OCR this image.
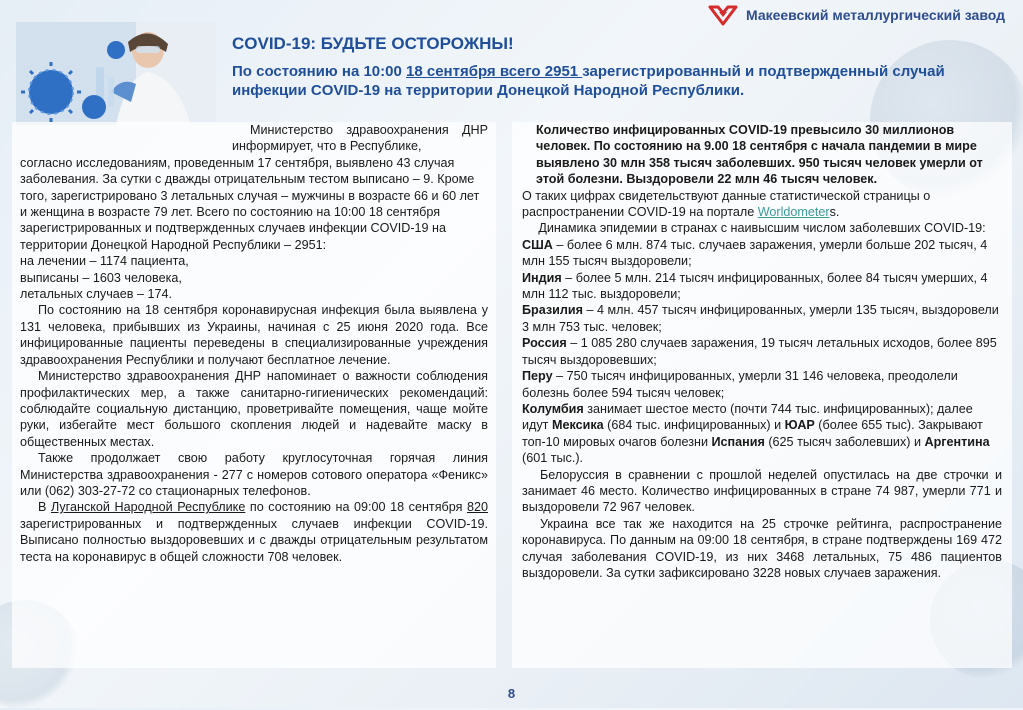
Макеевский металлургический завод
COVID-19: БУДЬТЕ ОСТОРОЖНЫ!
По состоянию на 10:00 18 сентября всего 2951 зарегистрированный и подтвержденный случай инфекции COVID-19 на территории Донецкой Народной Республики.

Министерство здравоохранения ДНР информирует, что в Республике,

согласно исследованиям, проведенным 17 сентября, выявлено 43 случая заболевания. За сутки с дважды отрицательным тестом выписано – 9. Кроме того, зарегистрировано 3 летальных случая – мужчины в возрасте 66 и 60 лет и женщина в возрасте 79 лет. Всего по состоянию на 10:00 18 сентября зарегистрированных и подтвержденных случаев инфекции COVID-19 на территории Донецкой Народной Республики – 2951:

на лечении – 1174 пациента,

выписаны – 1603 человека,

летальных случаев – 174.

По состоянию на 18 сентября коронавирусная инфекция была выявлена у 131 человека, прибывших из Украины, начиная с 25 июня 2020 года. Все инфицированные пациенты переведены в специализированные учреждения здравоохранения Республики и получают бесплатное лечение.

Министерство здравоохранения ДНР напоминает о важности соблюдения профилактических мер, а также санитарно-гигиенических рекомендаций: соблюдайте социальную дистанцию, проветривайте помещения, чаще мойте руки, избегайте мест большого скопления людей и надевайте маску в общественных местах.

Также продолжает свою работу круглосуточная горячая линия Министерства здравоохранения - 277 с номеров сотового оператора «Феникс» или (062) 303-27-72 со стационарных телефонов.

В Луганской Народной Республике по состоянию на 09:00 18 сентября 820 зарегистрированных и подтвержденных случаев инфекции COVID-19. Выписано полностью выздоровевших и с дважды отрицательным результатом теста на коронавирус в общей сложности 708 человек.

Количество инфицированных COVID-19 превысило 30 миллионов человек. По состоянию на 9.00 18 сентября с начала пандемии в мире выявлено 30 млн 358 тысяч заболевших. 950 тысяч человек умерли от этой болезни. Выздоровели 22 млн 46 тысяч человек.

О таких цифрах свидетельствуют данные статистической страницы о распространении COVID-19 на портале Worldometers.

Динамика эпидемии в странах с наивысшим числом заболевших COVID-19:

США – более 6 млн. 874 тыс. случаев заражения, умерли больше 202 тысяч, 4 млн 155 тысяч выздоровели;

Индия – более 5 млн. 214 тысяч инфицированных, более 84 тысяч умерших, 4 млн 112 тыс. выздоровели;

Бразилия – 4 млн. 457 тысяч инфицированных, умерли 135 тысяч, выздоровели 3 млн 753 тыс. человек;

Россия – 1 085 280 случаев заражения, 19 тысяч летальных исходов, более 895 тысяч выздоровевших;

Перу – 750 тысяч инфицированных, умерли 31 146 человека, преодолели болезнь более 594 тысяч человек;

Колумбия занимает шестое место (почти 744 тыс. инфицированных); далее идут Мексика (684 тыс. инфицированных) и ЮАР (более 655 тыс). Закрывают топ-10 мировых очагов болезни Испания (625 тысяч заболевших) и Аргентина (601 тыс.).

Белоруссия в сравнении с прошлой неделей опустилась на две строчки и занимает 46 место. Количество инфицированных в стране 74 987, умерли 771 и выздоровели 72 967 человек.

Украина все так же находится на 25 строчке рейтинга, распространение коронавируса. По данным на 09:00 18 сентября, в стране подтверждены 169 472 случая заболевания COVID-19, из них 3468 летальных, 75 486 пациентов выздоровели. За сутки зафиксировано 3228 новых случаев заражения.

8
